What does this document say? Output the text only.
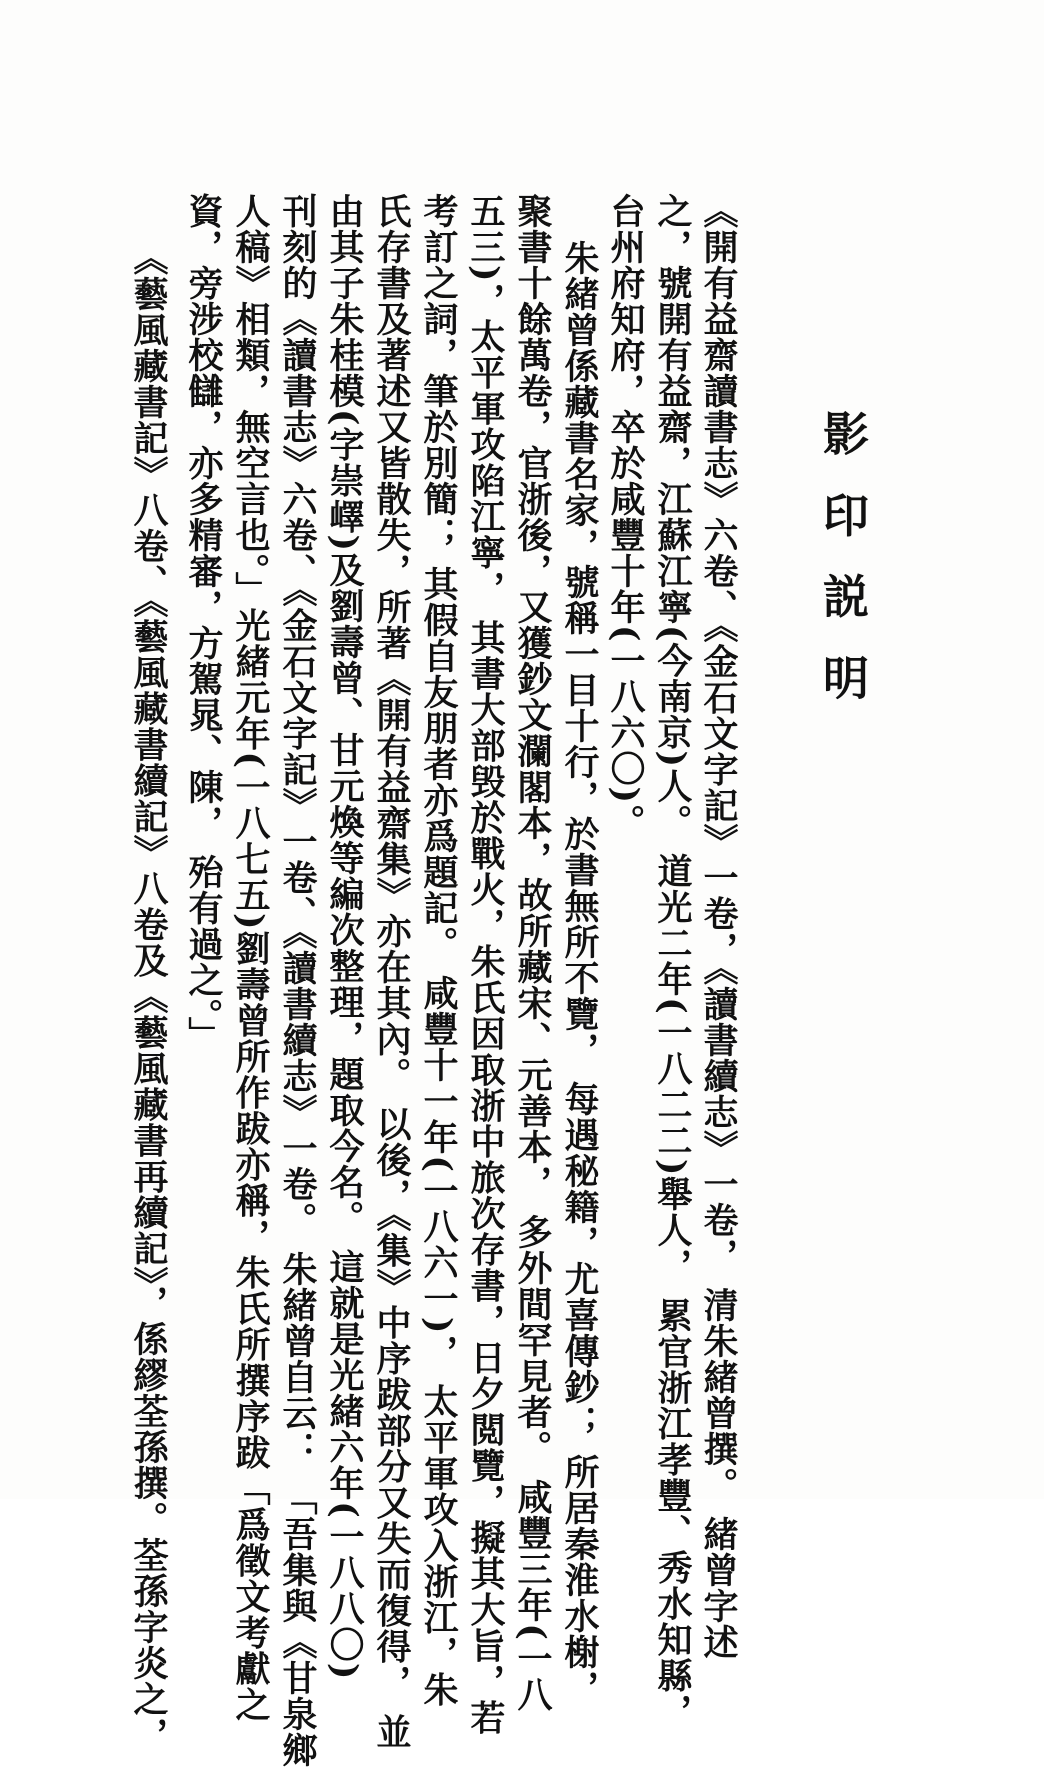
影印説明
《開有益齋讀書志》六卷、《金石文字記》一卷，《讀書續志》一卷， 清朱緒曾撰。 緒曾字述
之，號開有益齋，江蘇江寧(今南京)人。 道光二年(一八二二)舉人， 累官浙江孝豐、秀水知縣，
台州府知府，卒於咸豐十年(一八六〇)。
朱緒曾係藏書名家，號稱一目十行，於書無所不覽， 每遇秘籍，尤喜傳鈔； 所居秦淮水榭，
聚書十餘萬卷，官浙後，又獲鈔文瀾閣本，故所藏宋、元善本， 多外間罕見者。 咸豐三年(一八
五三)，太平軍攻陷江寧， 其書大部毁於戰火，朱氏因取浙中旅次存書，日夕閲覽，擬其大旨，若
考訂之詞，筆於別簡； 其假自友朋者亦爲題記。 咸豐十一年(一八六一)， 太平軍攻入浙江，朱
氏存書及著述又皆散失，所著《開有益齋集》亦在其內。 以後，《集》中序跋部分又失而復得， 並
由其子朱桂模(字崇嶧)及劉壽曾、甘元煥等編次整理，題取今名。 這就是光緒六年(一八八〇)
刊刻的《讀書志》六卷、《金石文字記》一卷、《讀書續志》一卷。 朱緒曾自云： 「吾集與《甘泉鄉
人稿》相類，無空言也。」光緒元年(一八七五)劉壽曾所作跋亦稱，朱氏所撰序跋「爲徵文考獻之
資，旁涉校讎，亦多精審，方駕晁、陳， 殆有過之。」
《藝風藏書記》八卷、《藝風藏書續記》八卷及《藝風藏書再續記》，係繆荃孫撰。荃孫字炎之，
